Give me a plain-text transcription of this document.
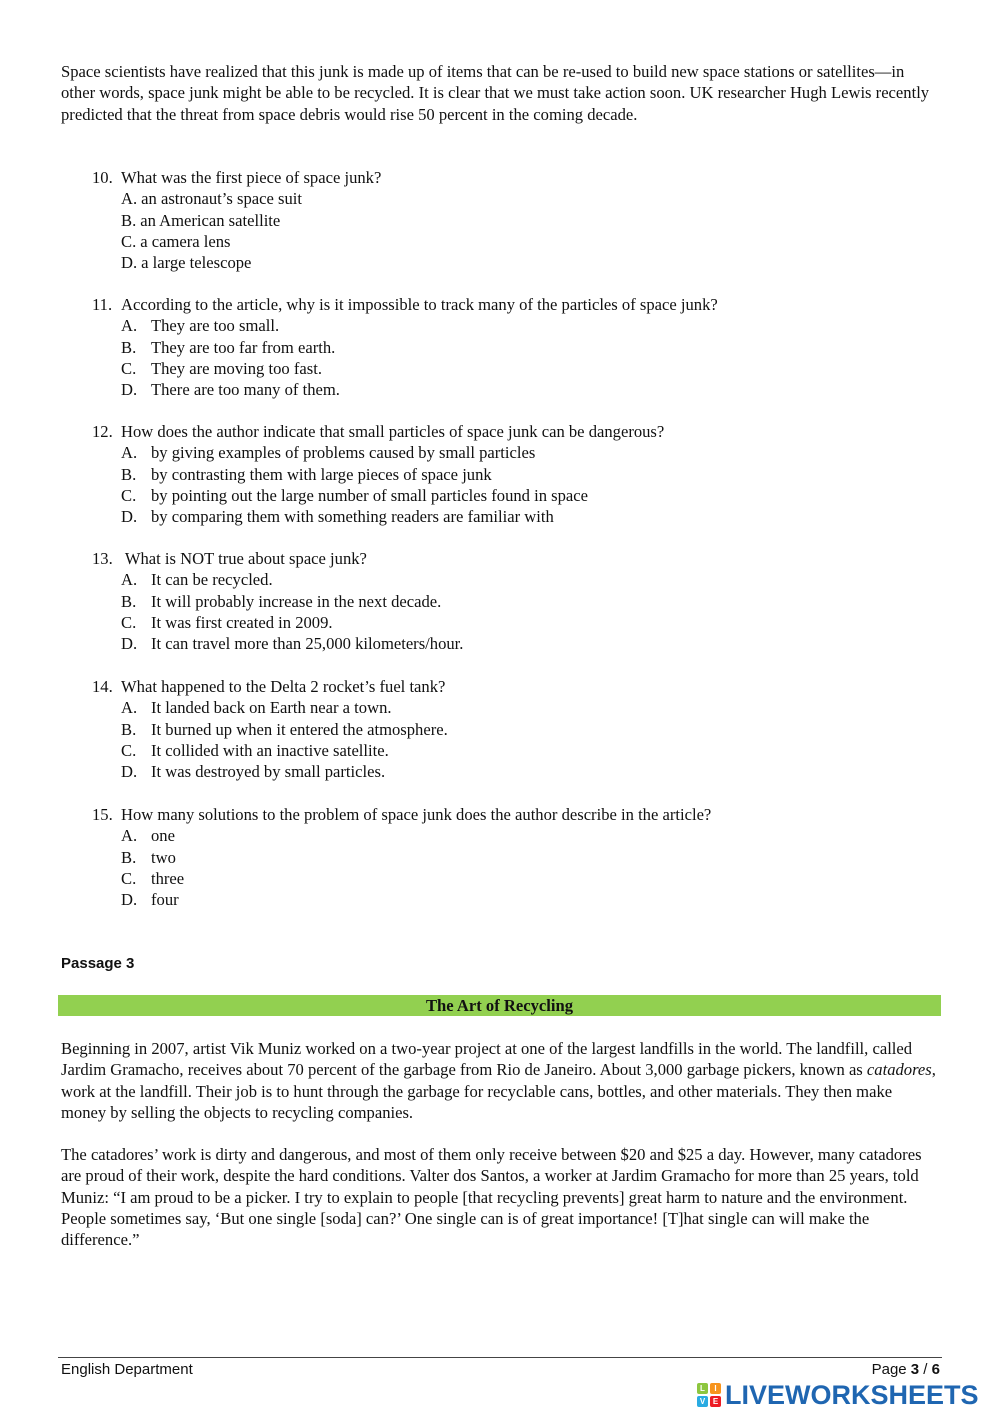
Space scientists have realized that this junk is made up of items that can be re-used to build new space stations or satellites—in other words, space junk might be able to be recycled. It is clear that we must take action soon. UK researcher Hugh Lewis recently predicted that the threat from space debris would rise 50 percent in the coming decade.

10. What was the first piece of space junk?
A. an astronaut’s space suit
B. an American satellite
C. a camera lens
D. a large telescope
11. According to the article, why is it impossible to track many of the particles of space junk?
A. They are too small.
B. They are too far from earth.
C. They are moving too fast.
D. There are too many of them.
12. How does the author indicate that small particles of space junk can be dangerous?
A. by giving examples of problems caused by small particles
B. by contrasting them with large pieces of space junk
C. by pointing out the large number of small particles found in space
D. by comparing them with something readers are familiar with
13. What is NOT true about space junk?
A. It can be recycled.
B. It will probably increase in the next decade.
C. It was first created in 2009.
D. It can travel more than 25,000 kilometers/hour.
14. What happened to the Delta 2 rocket’s fuel tank?
A. It landed back on Earth near a town.
B. It burned up when it entered the atmosphere.
C. It collided with an inactive satellite.
D. It was destroyed by small particles.
15. How many solutions to the problem of space junk does the author describe in the article?
A. one
B. two
C. three
D. four
Passage 3
The Art of Recycling

Beginning in 2007, artist Vik Muniz worked on a two-year project at one of the largest landfills in the world. The landfill, called Jardim Gramacho, receives about 70 percent of the garbage from Rio de Janeiro. About 3,000 garbage pickers, known as catadores, work at the landfill. Their job is to hunt through the garbage for recyclable cans, bottles, and other materials. They then make money by selling the objects to recycling companies.

The catadores’ work is dirty and dangerous, and most of them only receive between $20 and $25 a day. However, many catadores are proud of their work, despite the hard conditions. Valter dos Santos, a worker at Jardim Gramacho for more than 25 years, told Muniz: “I am proud to be a picker. I try to explain to people [that recycling prevents] great harm to nature and the environment. People sometimes say, ‘But one single [soda] can?’ One single can is of great importance! [T]hat single can will make the difference.”

English Department	Page 3 / 6
L	I
V E LIVEWORKSHEETS
